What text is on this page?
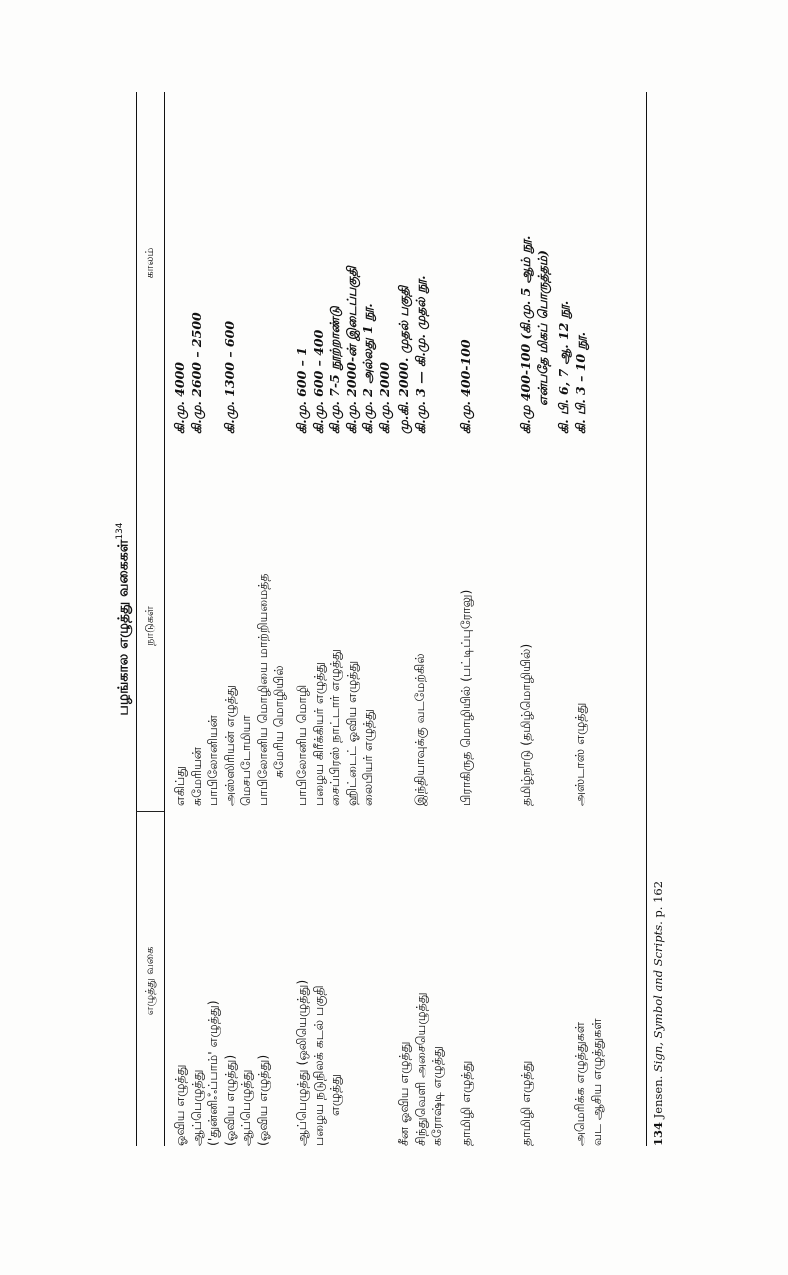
பழங்கால எழுத்து வகைகள்$^{134}$
எழுத்து வகை
நாடுகள்
காலம்
ஓவிய எழுத்து ஆப்பெழுத்து ('துன்னிஃப்பாம்' எழுத்து) (ஓவிய எழுத்து) ஆப்பெழுத்து (ஓவிய எழுத்து)
எகிப்து சுமேரியன் பாபிலோனியன் அஸ்ஸிரியன் எழுத்து மெசபடோமியா பாபிலோனிய மொழியை மாற்றியமைத்த சுமேரிய மொழியில்
கி.மு. 4000 கி.மு. 2600 – 2500 கி.மு. 1300 – 600
ஆப்பெழுத்து (ஒலியெழுத்து) பழைய நடுநிலக் கடல் பகுதி எழுத்து
பாபிலோனிய மொழி பழைய கிரீக்கியர் எழுத்து சைப்பிரஸ் நாட்டார் எழுத்து ஹிட்டைட் ஓவிய எழுத்து லைபியர் எழுத்து
கி.மு. 600 – 1 கி.மு. 600 – 400 கி.மு. 7-5 நூற்றாண்டு கி.மு. 2000-ன் இடைப்பகுதி கி.மு. 2 அல்லது 1 நூ. கி.மு. 2000
சீன ஓவிய எழுத்து சிந்துவெளி அசையெழுத்து கரோஷ்டி எழுத்து
இந்தியாவுக்கு வடமேற்கில்
மு.கி. 2000. முதல் பகுதி கி.மு. 3 — கி.மு. முதல் நூ.
தாமிழி எழுத்து
பிராகிருத மொழியில் (பட்டிப்புரோலு)
கி.மு. 400-100
தாமிழி எழுத்து
தமிழ்நாடு (தமிழ்மொழியில்)
கி.மு 400-100 (கி.மு. 5 ஆம் நூ. என்பதே மிகப் பொருத்தம்)
அமெரிக்க எழுத்துகள் வட ஆசிய எழுத்துகள்
அஸ்டாஸ் எழுத்து
கி. பி. 6, 7 ஆ. 12 நூ. கி. பி. 3 – 10 நூ.
134 Jensen. Sign, Symbol and Scripts. p. 162
